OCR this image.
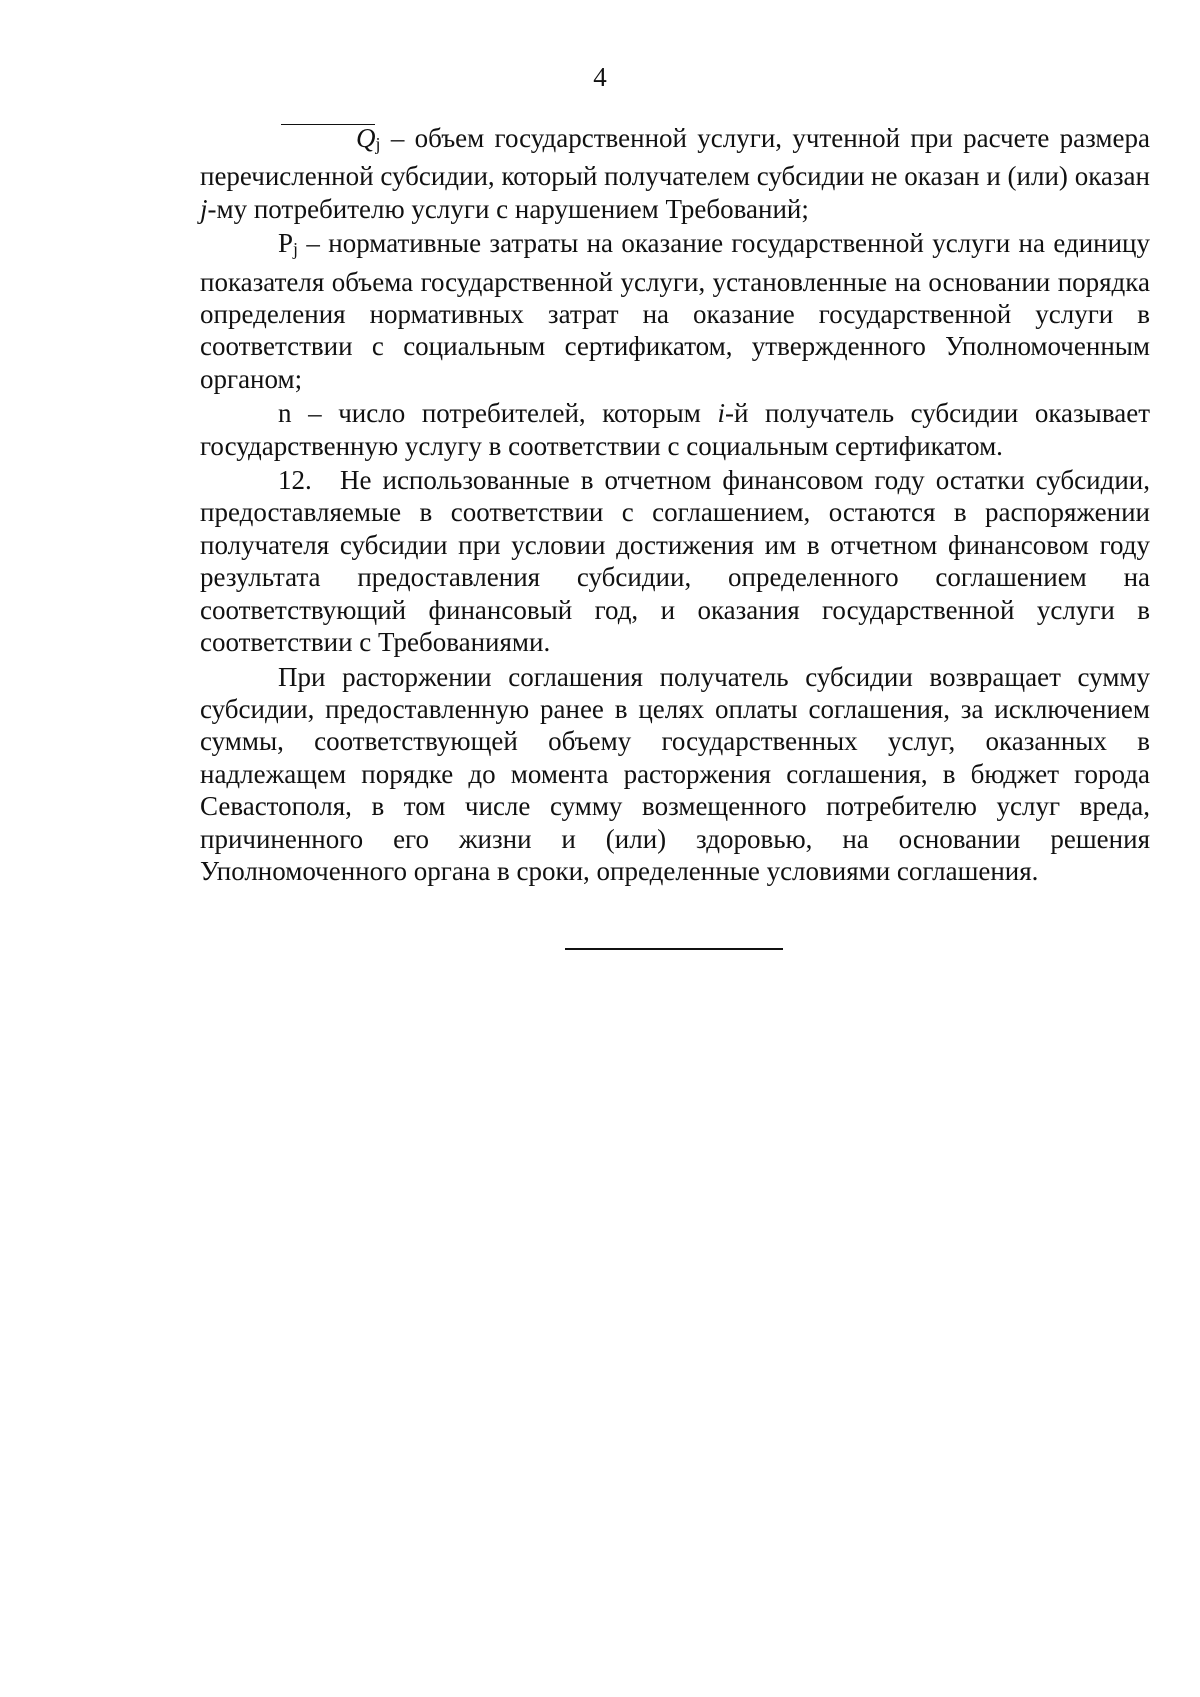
4

Qj – объем государственной услуги, учтенной при расчете размера перечисленной субсидии, который получателем субсидии не оказан и (или) оказан j-му потребителю услуги с нарушением Требований;

Pj – нормативные затраты на оказание государственной услуги на единицу показателя объема государственной услуги, установленные на основании порядка определения нормативных затрат на оказание государственной услуги в соответствии с социальным сертификатом, утвержденного Уполномоченным органом;

n – число потребителей, которым i-й получатель субсидии оказывает государственную услугу в соответствии с социальным сертификатом.

12. Не использованные в отчетном финансовом году остатки субсидии, предоставляемые в соответствии с соглашением, остаются в распоряжении получателя субсидии при условии достижения им в отчетном финансовом году результата предоставления субсидии, определенного соглашением на соответствующий финансовый год, и оказания государственной услуги в соответствии с Требованиями.

При расторжении соглашения получатель субсидии возвращает сумму субсидии, предоставленную ранее в целях оплаты соглашения, за исключением суммы, соответствующей объему государственных услуг, оказанных в надлежащем порядке до момента расторжения соглашения, в бюджет города Севастополя, в том числе сумму возмещенного потребителю услуг вреда, причиненного его жизни и (или) здоровью, на основании решения Уполномоченного органа в сроки, определенные условиями соглашения.
